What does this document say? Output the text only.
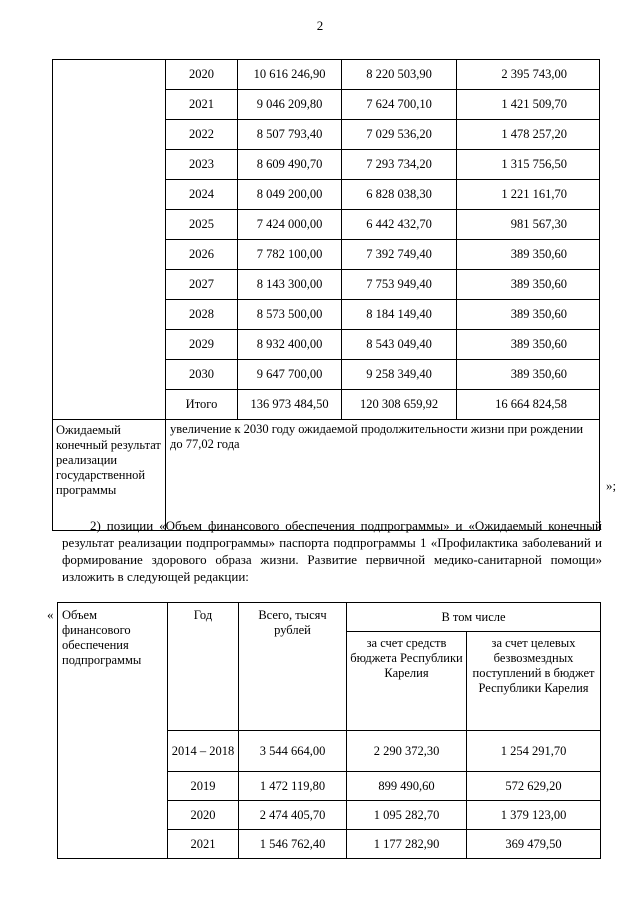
2
	2020	10 616 246,90	8 220 503,90	2 395 743,00
	2021	9 046 209,80	7 624 700,10	1 421 509,70
	2022	8 507 793,40	7 029 536,20	1 478 257,20
	2023	8 609 490,70	7 293 734,20	1 315 756,50
	2024	8 049 200,00	6 828 038,30	1 221 161,70
	2025	7 424 000,00	6 442 432,70	981 567,30
	2026	7 782 100,00	7 392 749,40	389 350,60
	2027	8 143 300,00	7 753 949,40	389 350,60
	2028	8 573 500,00	8 184 149,40	389 350,60
	2029	8 932 400,00	8 543 049,40	389 350,60
	2030	9 647 700,00	9 258 349,40	389 350,60
	Итого	136 973 484,50	120 308 659,92	16 664 824,58
Ожидаемый конечный результат реализации государственной программы	увеличение к 2030 году ожидаемой продолжительности жизни при рождении до 77,02 года			
»;
2) позиции «Объем финансового обеспечения подпрограммы» и «Ожидаемый конечный результат реализации подпрограммы» паспорта подпрограммы 1 «Профилактика заболеваний и формирование здорового образа жизни. Развитие первичной медико-санитарной помощи» изложить в следующей редакции:
« Объем финансового обеспечения подпрограммы	Год	Всего, тысяч рублей	В том числе	
			за счет средств бюджета Республики Карелия	за счет целевых безвозмездных поступлений в бюджет Республики Карелия
	2014 – 2018	3 544 664,00	2 290 372,30	1 254 291,70
	2019	1 472 119,80	899 490,60	572 629,20
	2020	2 474 405,70	1 095 282,70	1 379 123,00
	2021	1 546 762,40	1 177 282,90	369 479,50
